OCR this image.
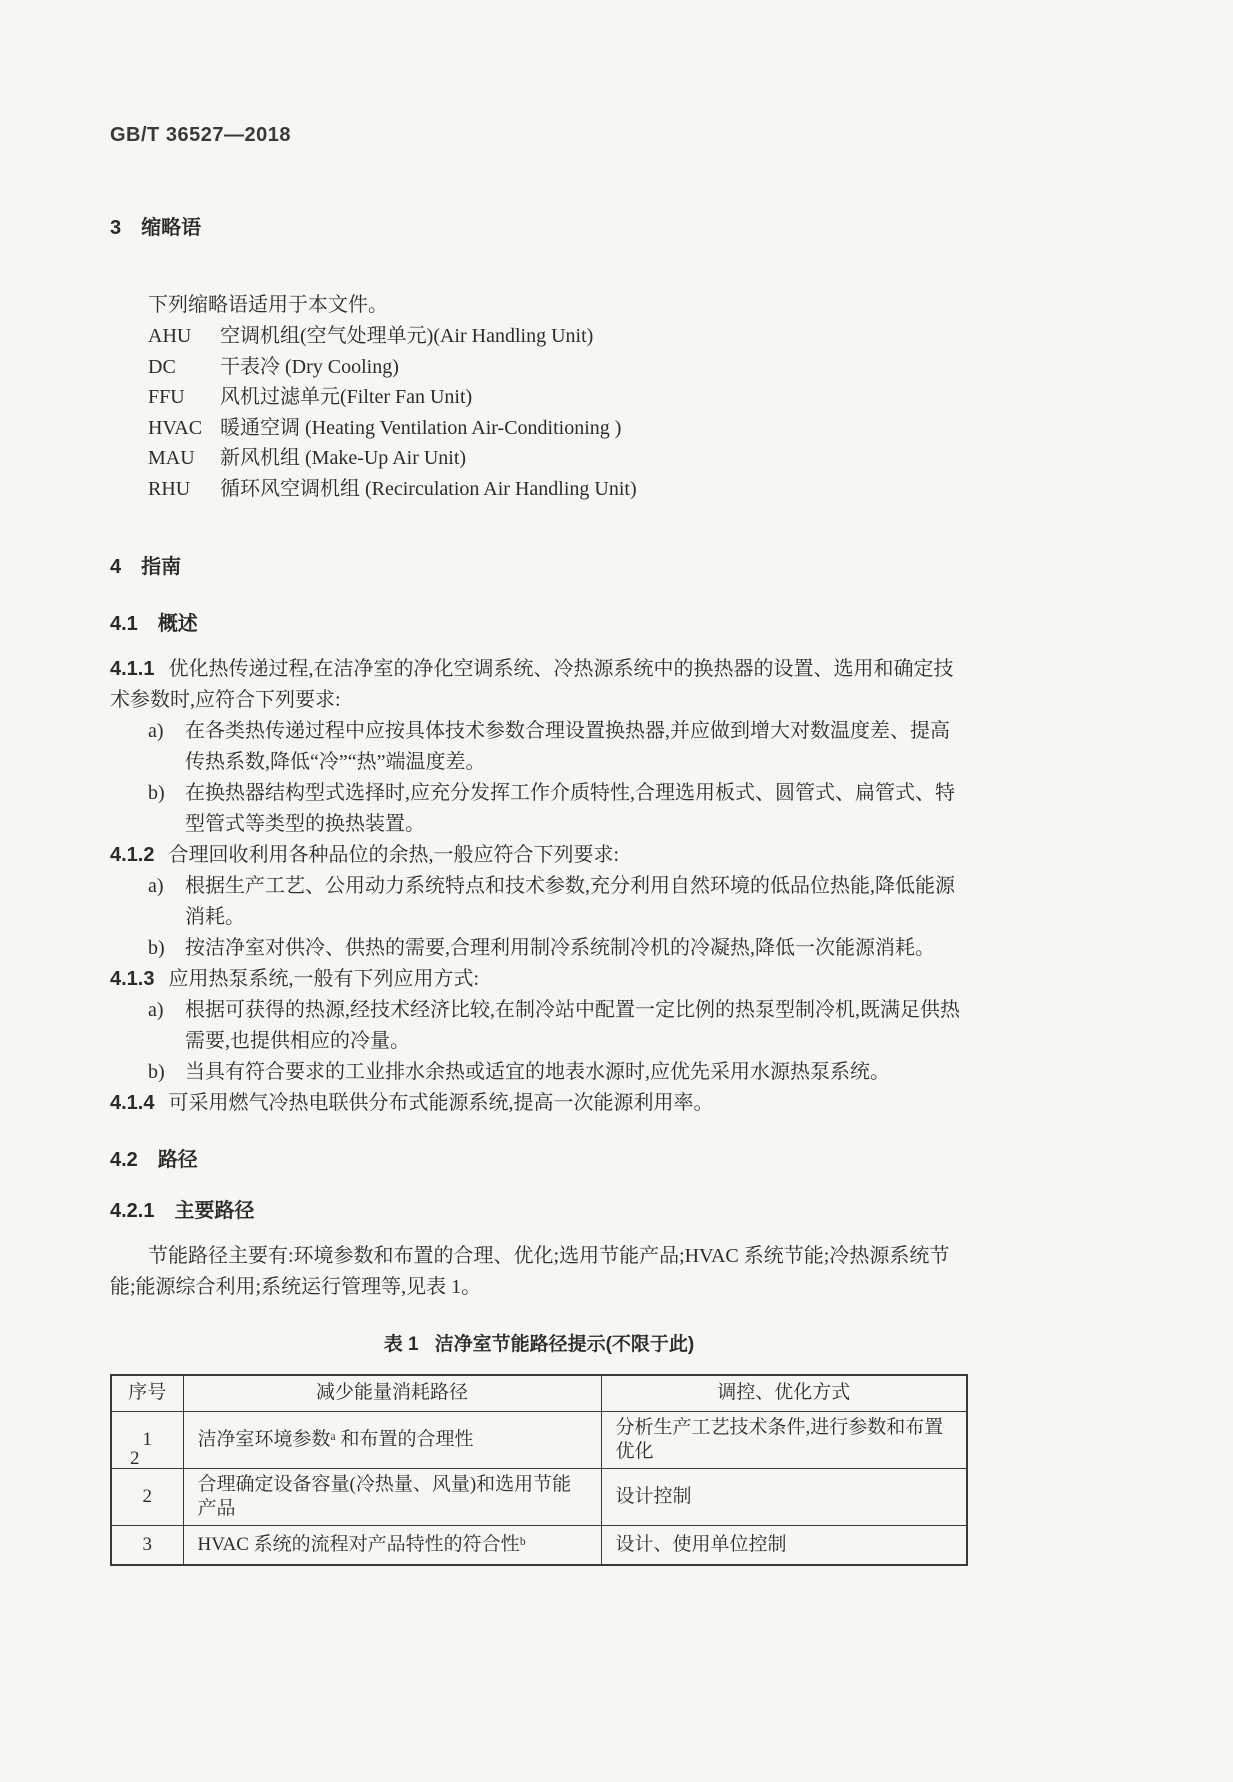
GB/T 36527—2018
3 缩略语

下列缩略语适用于本文件。

AHU 空调机组(空气处理单元)(Air Handling Unit)
DC 干表冷 (Dry Cooling)
FFU 风机过滤单元(Filter Fan Unit)
HVAC 暖通空调 (Heating Ventilation Air-Conditioning )
MAU 新风机组 (Make-Up Air Unit)
RHU 循环风空调机组 (Recirculation Air Handling Unit)
4 指南
4.1 概述

4.1.1 优化热传递过程,在洁净室的净化空调系统、冷热源系统中的换热器的设置、选用和确定技术参数时,应符合下列要求:

a) 在各类热传递过程中应按具体技术参数合理设置换热器,并应做到增大对数温度差、提高传热系数,降低“冷”“热”端温度差。
b) 在换热器结构型式选择时,应充分发挥工作介质特性,合理选用板式、圆管式、扁管式、特型管式等类型的换热装置。

4.1.2 合理回收利用各种品位的余热,一般应符合下列要求:

a) 根据生产工艺、公用动力系统特点和技术参数,充分利用自然环境的低品位热能,降低能源消耗。
b) 按洁净室对供冷、供热的需要,合理利用制冷系统制冷机的冷凝热,降低一次能源消耗。

4.1.3 应用热泵系统,一般有下列应用方式:

a) 根据可获得的热源,经技术经济比较,在制冷站中配置一定比例的热泵型制冷机,既满足供热需要,也提供相应的冷量。
b) 当具有符合要求的工业排水余热或适宜的地表水源时,应优先采用水源热泵系统。

4.1.4 可采用燃气冷热电联供分布式能源系统,提高一次能源利用率。

4.2 路径
4.2.1 主要路径

节能路径主要有:环境参数和布置的合理、优化;选用节能产品;HVAC 系统节能;冷热源系统节能;能源综合利用;系统运行管理等,见表 1。

表 1 洁净室节能路径提示(不限于此)
序号	减少能量消耗路径	调控、优化方式
1	洁净室环境参数ᵃ 和布置的合理性	分析生产工艺技术条件,进行参数和布置优化
2	合理确定设备容量(冷热量、风量)和选用节能产品	设计控制
3	HVAC 系统的流程对产品特性的符合性ᵇ	设计、使用单位控制
2
